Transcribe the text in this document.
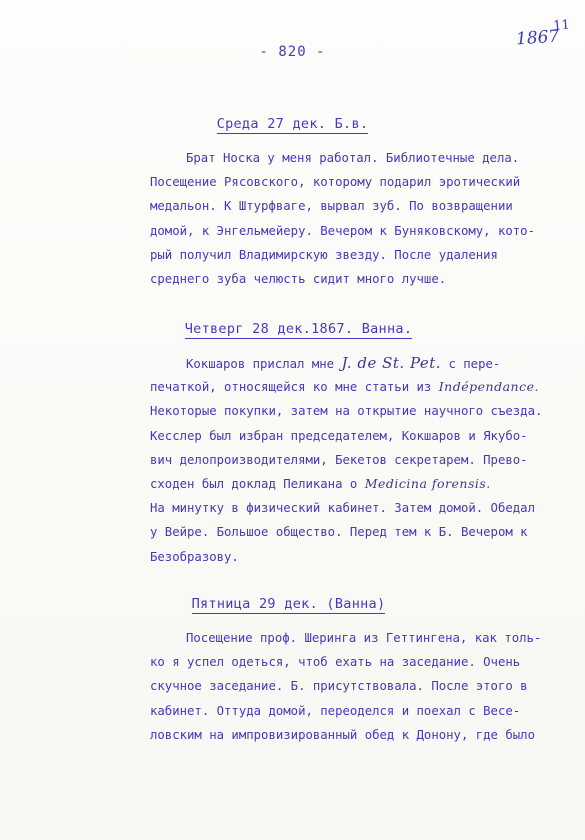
- 820 -
1867
11
Среда 27 дек. Б.в.
Брат Носка у меня работал. Библиотечные дела.
Посещение Рясовского, которому подарил эротический
медальон. К Штурфваге, вырвал зуб. По возвращении
домой, к Энгельмейеру. Вечером к Буняковскому, кото-
рый получил Владимирскую звезду. После удаления
среднего зуба челюсть сидит много лучше.
Четверг 28 дек.1867. Ванна.
Кокшаров прислал мне J. de St. Pet. с пере-
печаткой, относящейся ко мне статьи из Indépendance.
Некоторые покупки, затем на открытие научного съезда.
Кесслер был избран председателем, Кокшаров и Якубо-
вич делопроизводителями, Бекетов секретарем. Прево-
сходен был доклад Пеликана о Medicina forensis.
На минутку в физический кабинет. Затем домой. Обедал
у Вейре. Большое общество. Перед тем к Б. Вечером к
Безобразову.
Пятница 29 дек. (Ванна)
Посещение проф. Шеринга из Геттингена, как толь-
ко я успел одеться, чтоб ехать на заседание. Очень
скучное заседание. Б. присутствовала. После этого в
кабинет. Оттуда домой, переоделся и поехал с Весе-
ловским на импровизированный обед к Донону, где было
